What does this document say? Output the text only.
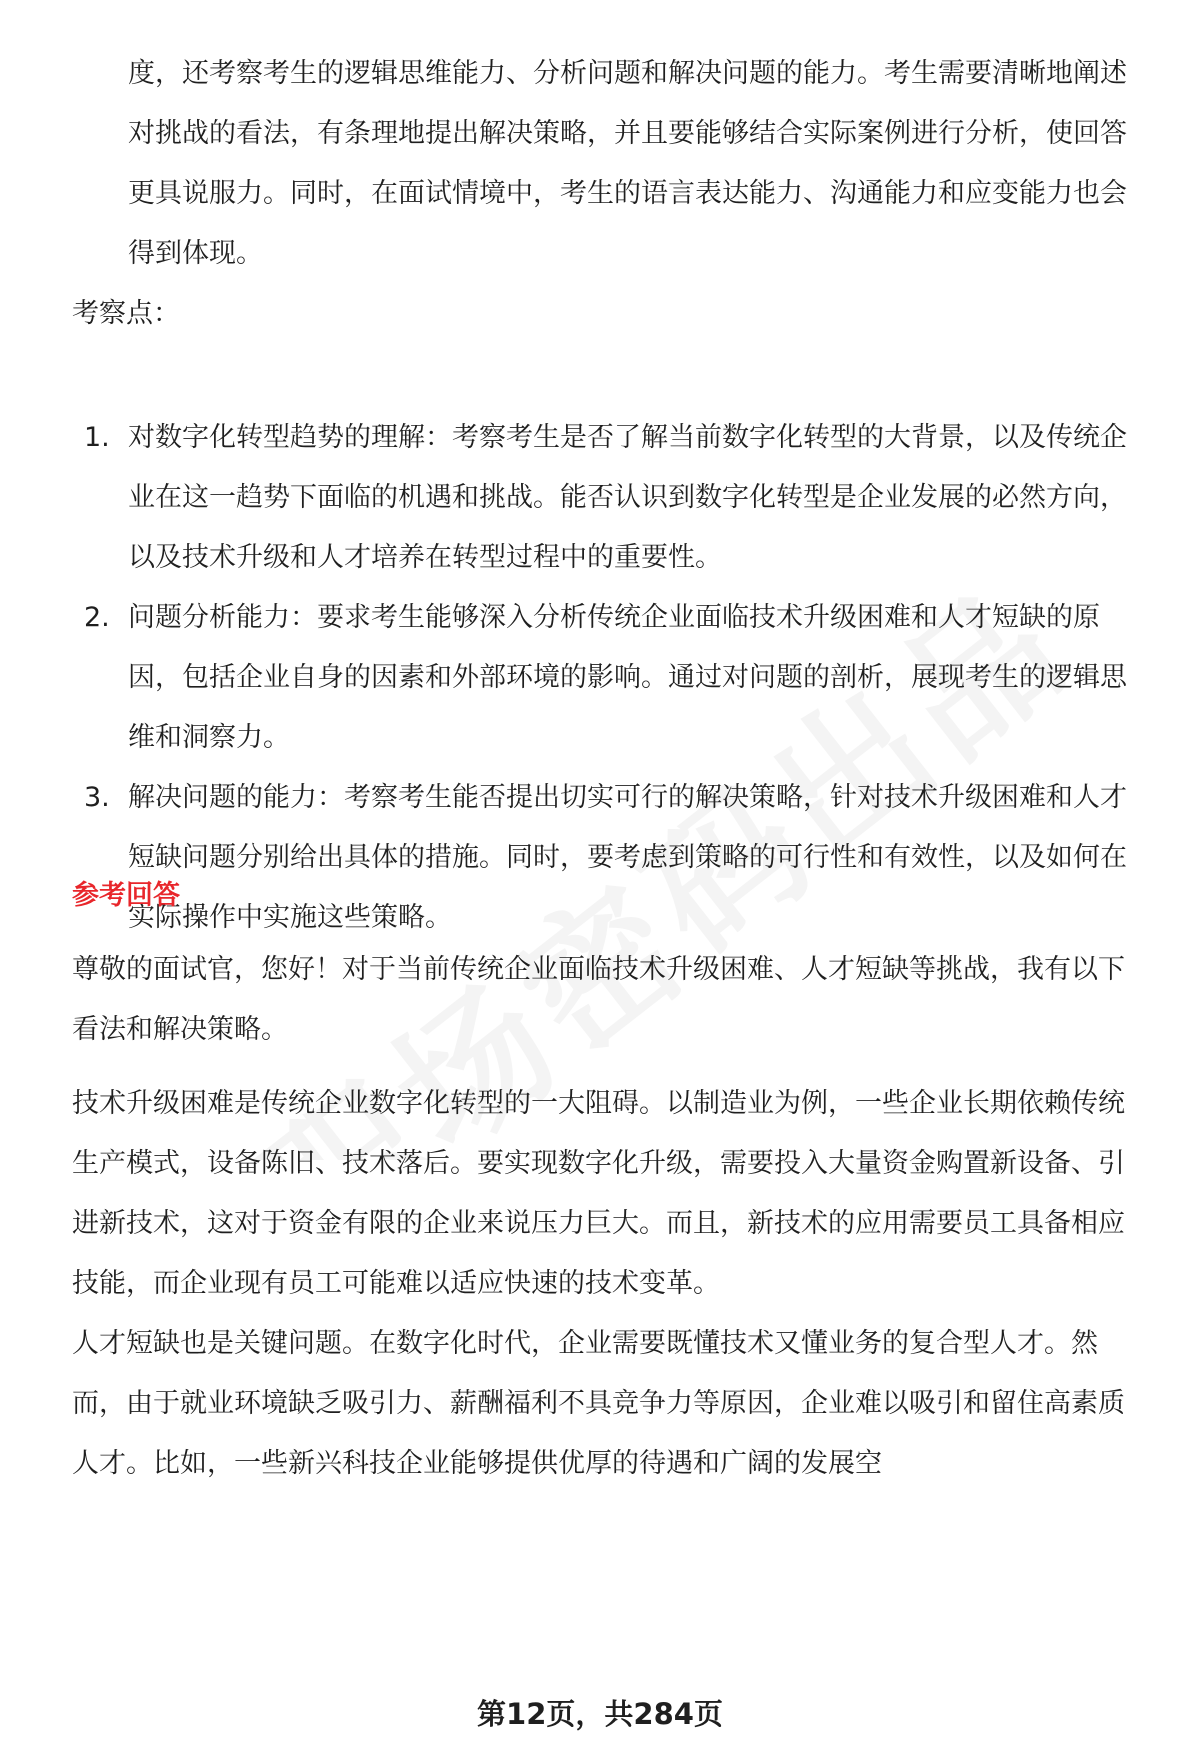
度，还考察考生的逻辑思维能力、分析问题和解决问题的能力。考生需要清晰地阐述对挑战的看法，有条理地提出解决策略，并且要能够结合实际案例进行分析，使回答更具说服力。同时，在面试情境中，考生的语言表达能力、沟通能力和应变能力也会得到体现。

考察点：

1. 对数字化转型趋势的理解：考察考生是否了解当前数字化转型的大背景，以及传统企业在这一趋势下面临的机遇和挑战。能否认识到数字化转型是企业发展的必然方向，以及技术升级和人才培养在转型过程中的重要性。
2. 问题分析能力：要求考生能够深入分析传统企业面临技术升级困难和人才短缺的原因，包括企业自身的因素和外部环境的影响。通过对问题的剖析，展现考生的逻辑思维和洞察力。
3. 解决问题的能力：考察考生能否提出切实可行的解决策略，针对技术升级困难和人才短缺问题分别给出具体的措施。同时，要考虑到策略的可行性和有效性，以及如何在实际操作中实施这些策略。

参考回答

尊敬的面试官，您好！对于当前传统企业面临技术升级困难、人才短缺等挑战，我有以下看法和解决策略。

技术升级困难是传统企业数字化转型的一大阻碍。以制造业为例，一些企业长期依赖传统生产模式，设备陈旧、技术落后。要实现数字化升级，需要投入大量资金购置新设备、引进新技术，这对于资金有限的企业来说压力巨大。而且，新技术的应用需要员工具备相应技能，而企业现有员工可能难以适应快速的技术变革。

人才短缺也是关键问题。在数字化时代，企业需要既懂技术又懂业务的复合型人才。然而，由于就业环境缺乏吸引力、薪酬福利不具竞争力等原因，企业难以吸引和留住高素质人才。比如，一些新兴科技企业能够提供优厚的待遇和广阔的发展空

第12页，共284页
